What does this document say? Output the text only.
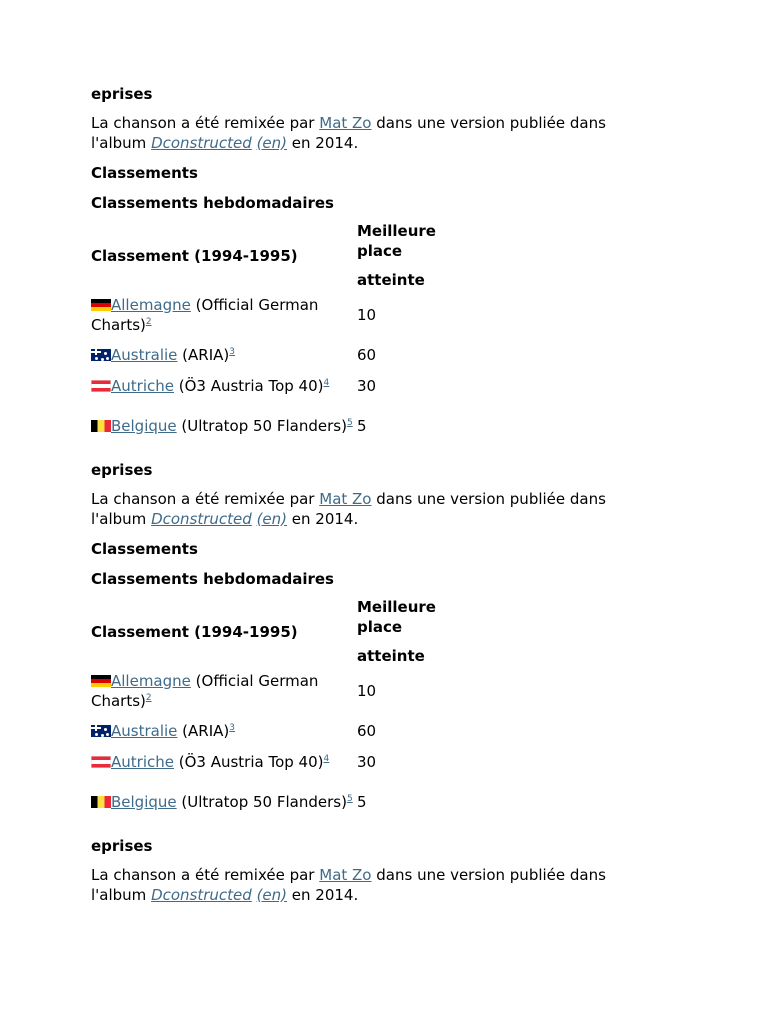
eprises

La chanson a été remixée par Mat Zo dans une version publiée dans l'album Dconstructed (en) en 2014.

Classements

Classements hebdomadaires

Classement (1994-1995)	Meilleure
place
atteinte

Allemagne (Official German Charts)$^2$	10
Australie (ARIA)$^3$	60
Autriche (Ö3 Austria Top 40)$^4$	30
Belgique (Ultratop 50 Flanders)$^5$	5

eprises

La chanson a été remixée par Mat Zo dans une version publiée dans l'album Dconstructed (en) en 2014.

Classements

Classements hebdomadaires

Classement (1994-1995)	Meilleure
place
atteinte

Allemagne (Official German Charts)$^2$	10
Australie (ARIA)$^3$	60
Autriche (Ö3 Austria Top 40)$^4$	30
Belgique (Ultratop 50 Flanders)$^5$	5

eprises

La chanson a été remixée par Mat Zo dans une version publiée dans l'album Dconstructed (en) en 2014.
